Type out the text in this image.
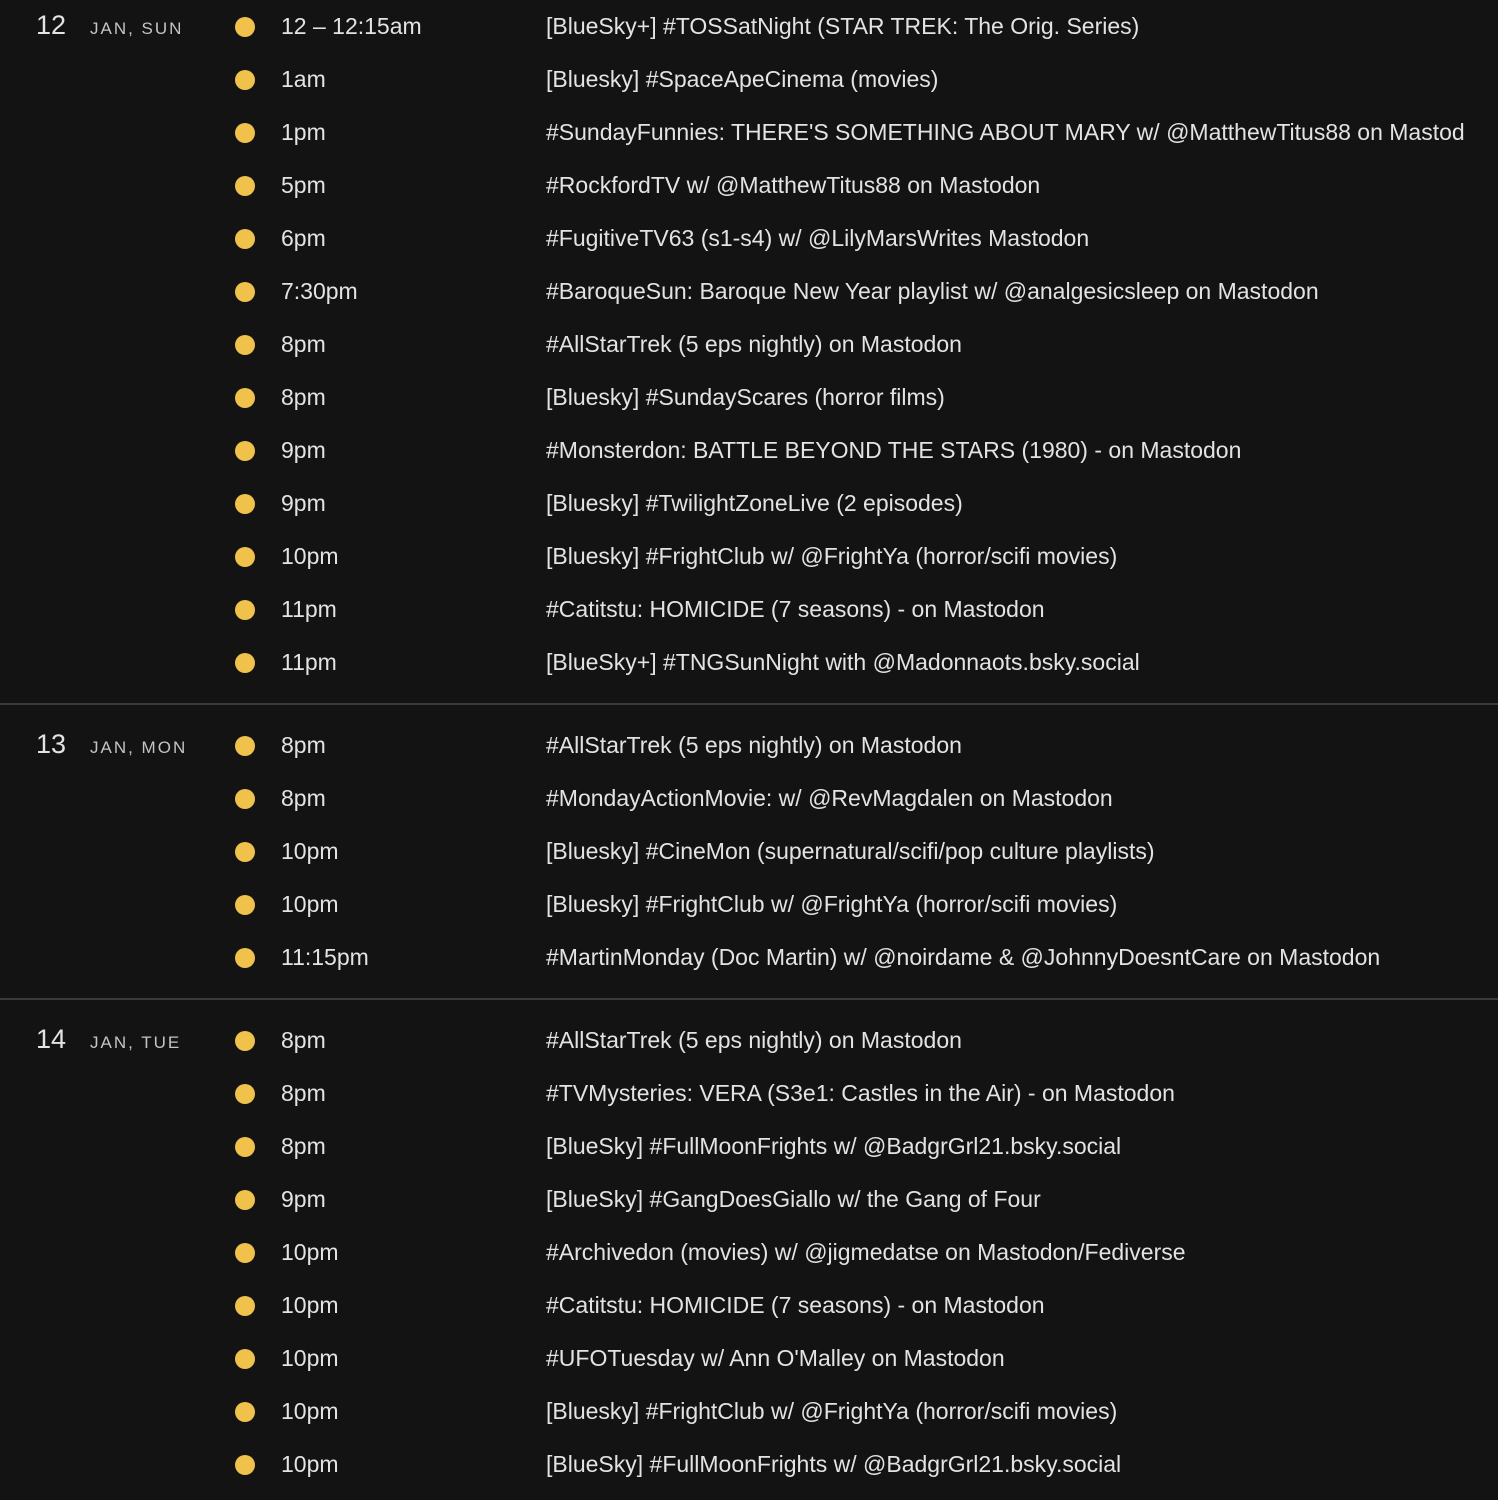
12	JAN, SUN	12 – 12:15am	[BlueSky+] #TOSSatNight (STAR TREK: The Orig. Series)
1am	[Bluesky] #SpaceApeCinema (movies)
1pm	#SundayFunnies: THERE'S SOMETHING ABOUT MARY w/ @MatthewTitus88 on Mastod
5pm	#RockfordTV w/ @MatthewTitus88 on Mastodon
6pm	#FugitiveTV63 (s1-s4) w/ @LilyMarsWrites Mastodon
7:30pm	#BaroqueSun: Baroque New Year playlist w/ @analgesicsleep on Mastodon
8pm	#AllStarTrek (5 eps nightly) on Mastodon
8pm	[Bluesky] #SundayScares (horror films)
9pm	#Monsterdon: BATTLE BEYOND THE STARS (1980) - on Mastodon
9pm	[Bluesky] #TwilightZoneLive (2 episodes)
10pm	[Bluesky] #FrightClub w/ @FrightYa (horror/scifi movies)
11pm	#Catitstu: HOMICIDE (7 seasons) - on Mastodon
11pm	[BlueSky+] #TNGSunNight with @Madonnaots.bsky.social
13	JAN, MON	8pm	#AllStarTrek (5 eps nightly) on Mastodon
8pm	#MondayActionMovie: w/ @RevMagdalen on Mastodon
10pm	[Bluesky] #CineMon (supernatural/scifi/pop culture playlists)
10pm	[Bluesky] #FrightClub w/ @FrightYa (horror/scifi movies)
11:15pm	#MartinMonday (Doc Martin) w/ @noirdame & @JohnnyDoesntCare on Mastodon
14	JAN, TUE	8pm	#AllStarTrek (5 eps nightly) on Mastodon
8pm	#TVMysteries: VERA (S3e1: Castles in the Air) - on Mastodon
8pm	[BlueSky] #FullMoonFrights w/ @BadgrGrl21.bsky.social
9pm	[BlueSky] #GangDoesGiallo w/ the Gang of Four
10pm	#Archivedon (movies) w/ @jigmedatse on Mastodon/Fediverse
10pm	#Catitstu: HOMICIDE (7 seasons) - on Mastodon
10pm	#UFOTuesday w/ Ann O'Malley on Mastodon
10pm	[Bluesky] #FrightClub w/ @FrightYa (horror/scifi movies)
10pm	[BlueSky] #FullMoonFrights w/ @BadgrGrl21.bsky.social
